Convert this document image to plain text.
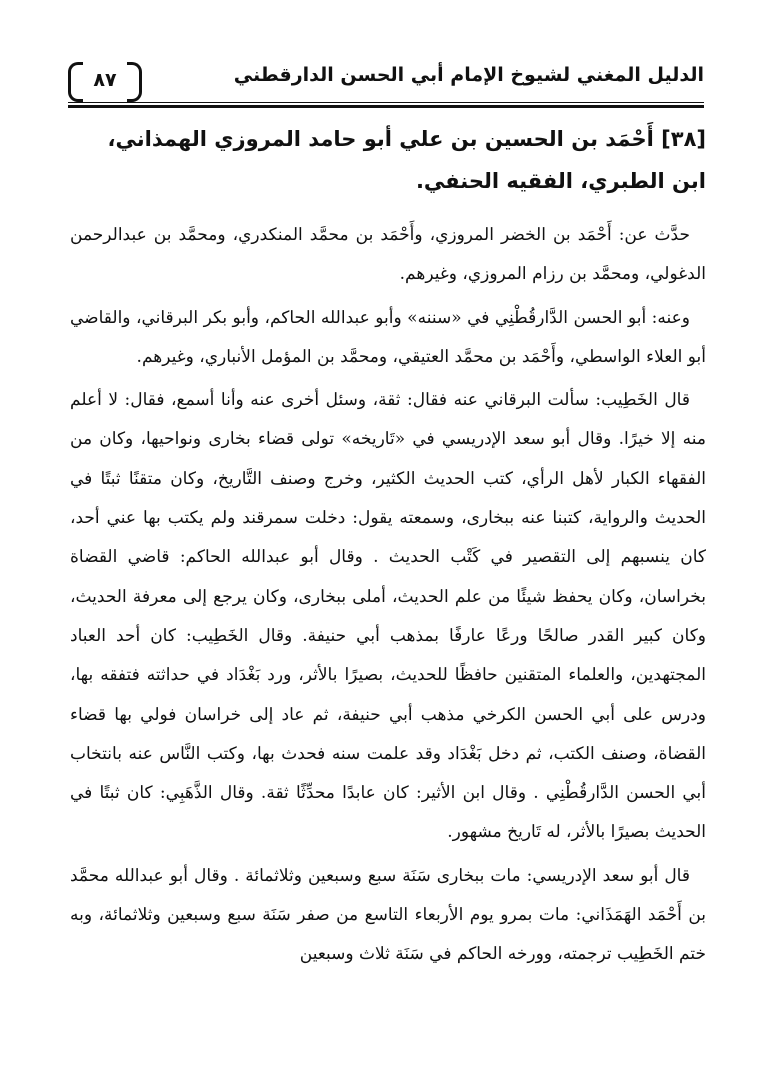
الدليل المغني لشيوخ الإمام أبي الحسن الدارقطني
٨٧
[٣٨] أَحْمَد بن الحسين بن علي أبو حامد المروزي الهمذاني، ابن الطبري، الفقيه الحنفي.

حدَّث عن: أَحْمَد بن الخضر المروزي، وأَحْمَد بن محمَّد المنكدري، ومحمَّد بن عبدالرحمن الدغولي، ومحمَّد بن رزام المروزي، وغيرهم.

وعنه: أبو الحسن الدَّارقُطْنِي في «سننه» وأبو عبدالله الحاكم، وأبو بكر البرقاني، والقاضي أبو العلاء الواسطي، وأَحْمَد بن محمَّد العتيقي، ومحمَّد بن المؤمل الأنباري، وغيرهم.

قال الخَطِيب: سألت البرقاني عنه فقال: ثقة، وسئل أخرى عنه وأنا أسمع، فقال: لا أعلم منه إلا خيرًا. وقال أبو سعد الإدريسي في «تَاريخه» تولى قضاء بخارى ونواحيها، وكان من الفقهاء الكبار لأهل الرأي، كتب الحديث الكثير، وخرج وصنف التَّاريخ، وكان متقنًا ثبتًا في الحديث والرواية، كتبنا عنه ببخارى، وسمعته يقول: دخلت سمرقند ولم يكتب بها عني أحد، كان ينسبهم إلى التقصير في كَتْب الحديث . وقال أبو عبدالله الحاكم: قاضي القضاة بخراسان، وكان يحفظ شيئًا من علم الحديث، أملى ببخارى، وكان يرجع إلى معرفة الحديث، وكان كبير القدر صالحًا ورعًا عارفًا بمذهب أبي حنيفة. وقال الخَطِيب: كان أحد العباد المجتهدين، والعلماء المتقنين حافظًا للحديث، بصيرًا بالأثر، ورد بَغْدَاد في حداثته فتفقه بها، ودرس على أبي الحسن الكرخي مذهب أبي حنيفة، ثم عاد إلى خراسان فولي بها قضاء القضاة، وصنف الكتب، ثم دخل بَغْدَاد وقد علمت سنه فحدث بها، وكتب النَّاس عنه بانتخاب أبي الحسن الدَّارقُطْنِي . وقال ابن الأثير: كان عابدًا محدِّثًا ثقة. وقال الذَّهَبِي: كان ثبتًا في الحديث بصيرًا بالأثر، له تَاريخ مشهور.

قال أبو سعد الإدريسي: مات ببخارى سَنَة سبع وسبعين وثلاثمائة . وقال أبو عبدالله محمَّد بن أَحْمَد الهَمَذَاني: مات بمرو يوم الأربعاء التاسع من صفر سَنَة سبع وسبعين وثلاثمائة، وبه ختم الخَطِيب ترجمته، وورخه الحاكم في سَنَة ثلاث وسبعين
